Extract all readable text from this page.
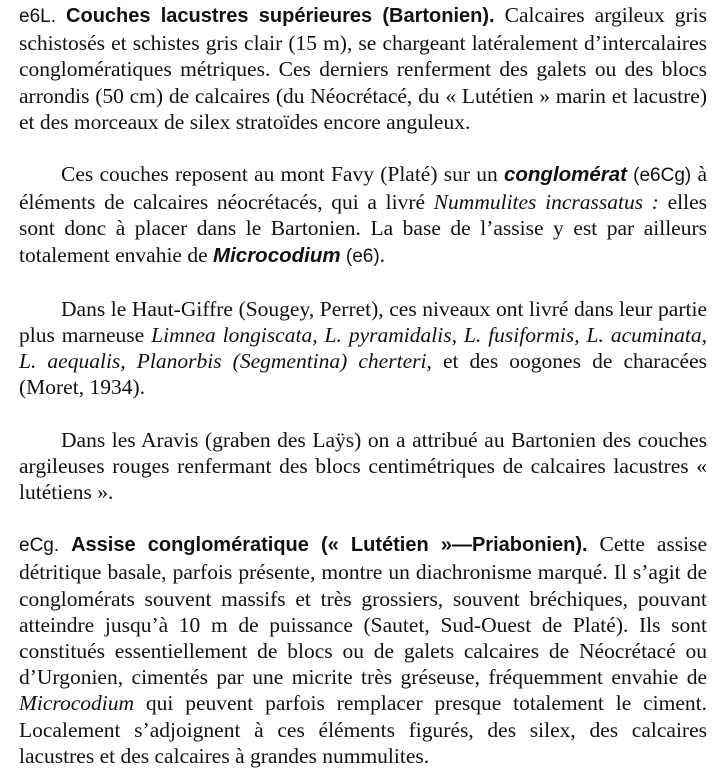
e6L. Couches lacustres supérieures (Bartonien). Calcaires argileux gris schistosés et schistes gris clair (15 m), se chargeant latéralement d’intercalaires conglomératiques métriques. Ces derniers renferment des galets ou des blocs arrondis (50 cm) de calcaires (du Néocrétacé, du « Lutétien » marin et lacustre) et des morceaux de silex stratoïdes encore anguleux.

Ces couches reposent au mont Favy (Platé) sur un conglomérat (e6Cg) à éléments de calcaires néocrétacés, qui a livré Nummulites incrassatus : elles sont donc à placer dans le Bartonien. La base de l’assise y est par ailleurs totalement envahie de Microcodium (e6).

Dans le Haut-Giffre (Sougey, Perret), ces niveaux ont livré dans leur partie plus marneuse Limnea longiscata, L. pyramidalis, L. fusiformis, L. acuminata, L. aequalis, Planorbis (Segmentina) cherteri, et des oogones de characées (Moret, 1934).

Dans les Aravis (graben des Laÿs) on a attribué au Bartonien des couches argileuses rouges renfermant des blocs centimétriques de calcaires lacustres « lutétiens ».

eCg. Assise conglomératique (« Lutétien »—Priabonien). Cette assise détritique basale, parfois présente, montre un diachronisme marqué. Il s’agit de conglomérats souvent massifs et très grossiers, souvent bréchiques, pouvant atteindre jusqu’à 10 m de puissance (Sautet, Sud-Ouest de Platé). Ils sont constitués essentiellement de blocs ou de galets calcaires de Néocrétacé ou d’Urgonien, cimentés par une micrite très gréseuse, fréquemment envahie de Microcodium qui peuvent parfois remplacer presque totalement le ciment. Localement s’adjoignent à ces éléments figurés, des silex, des calcaires lacustres et des calcaires à grandes nummulites.
